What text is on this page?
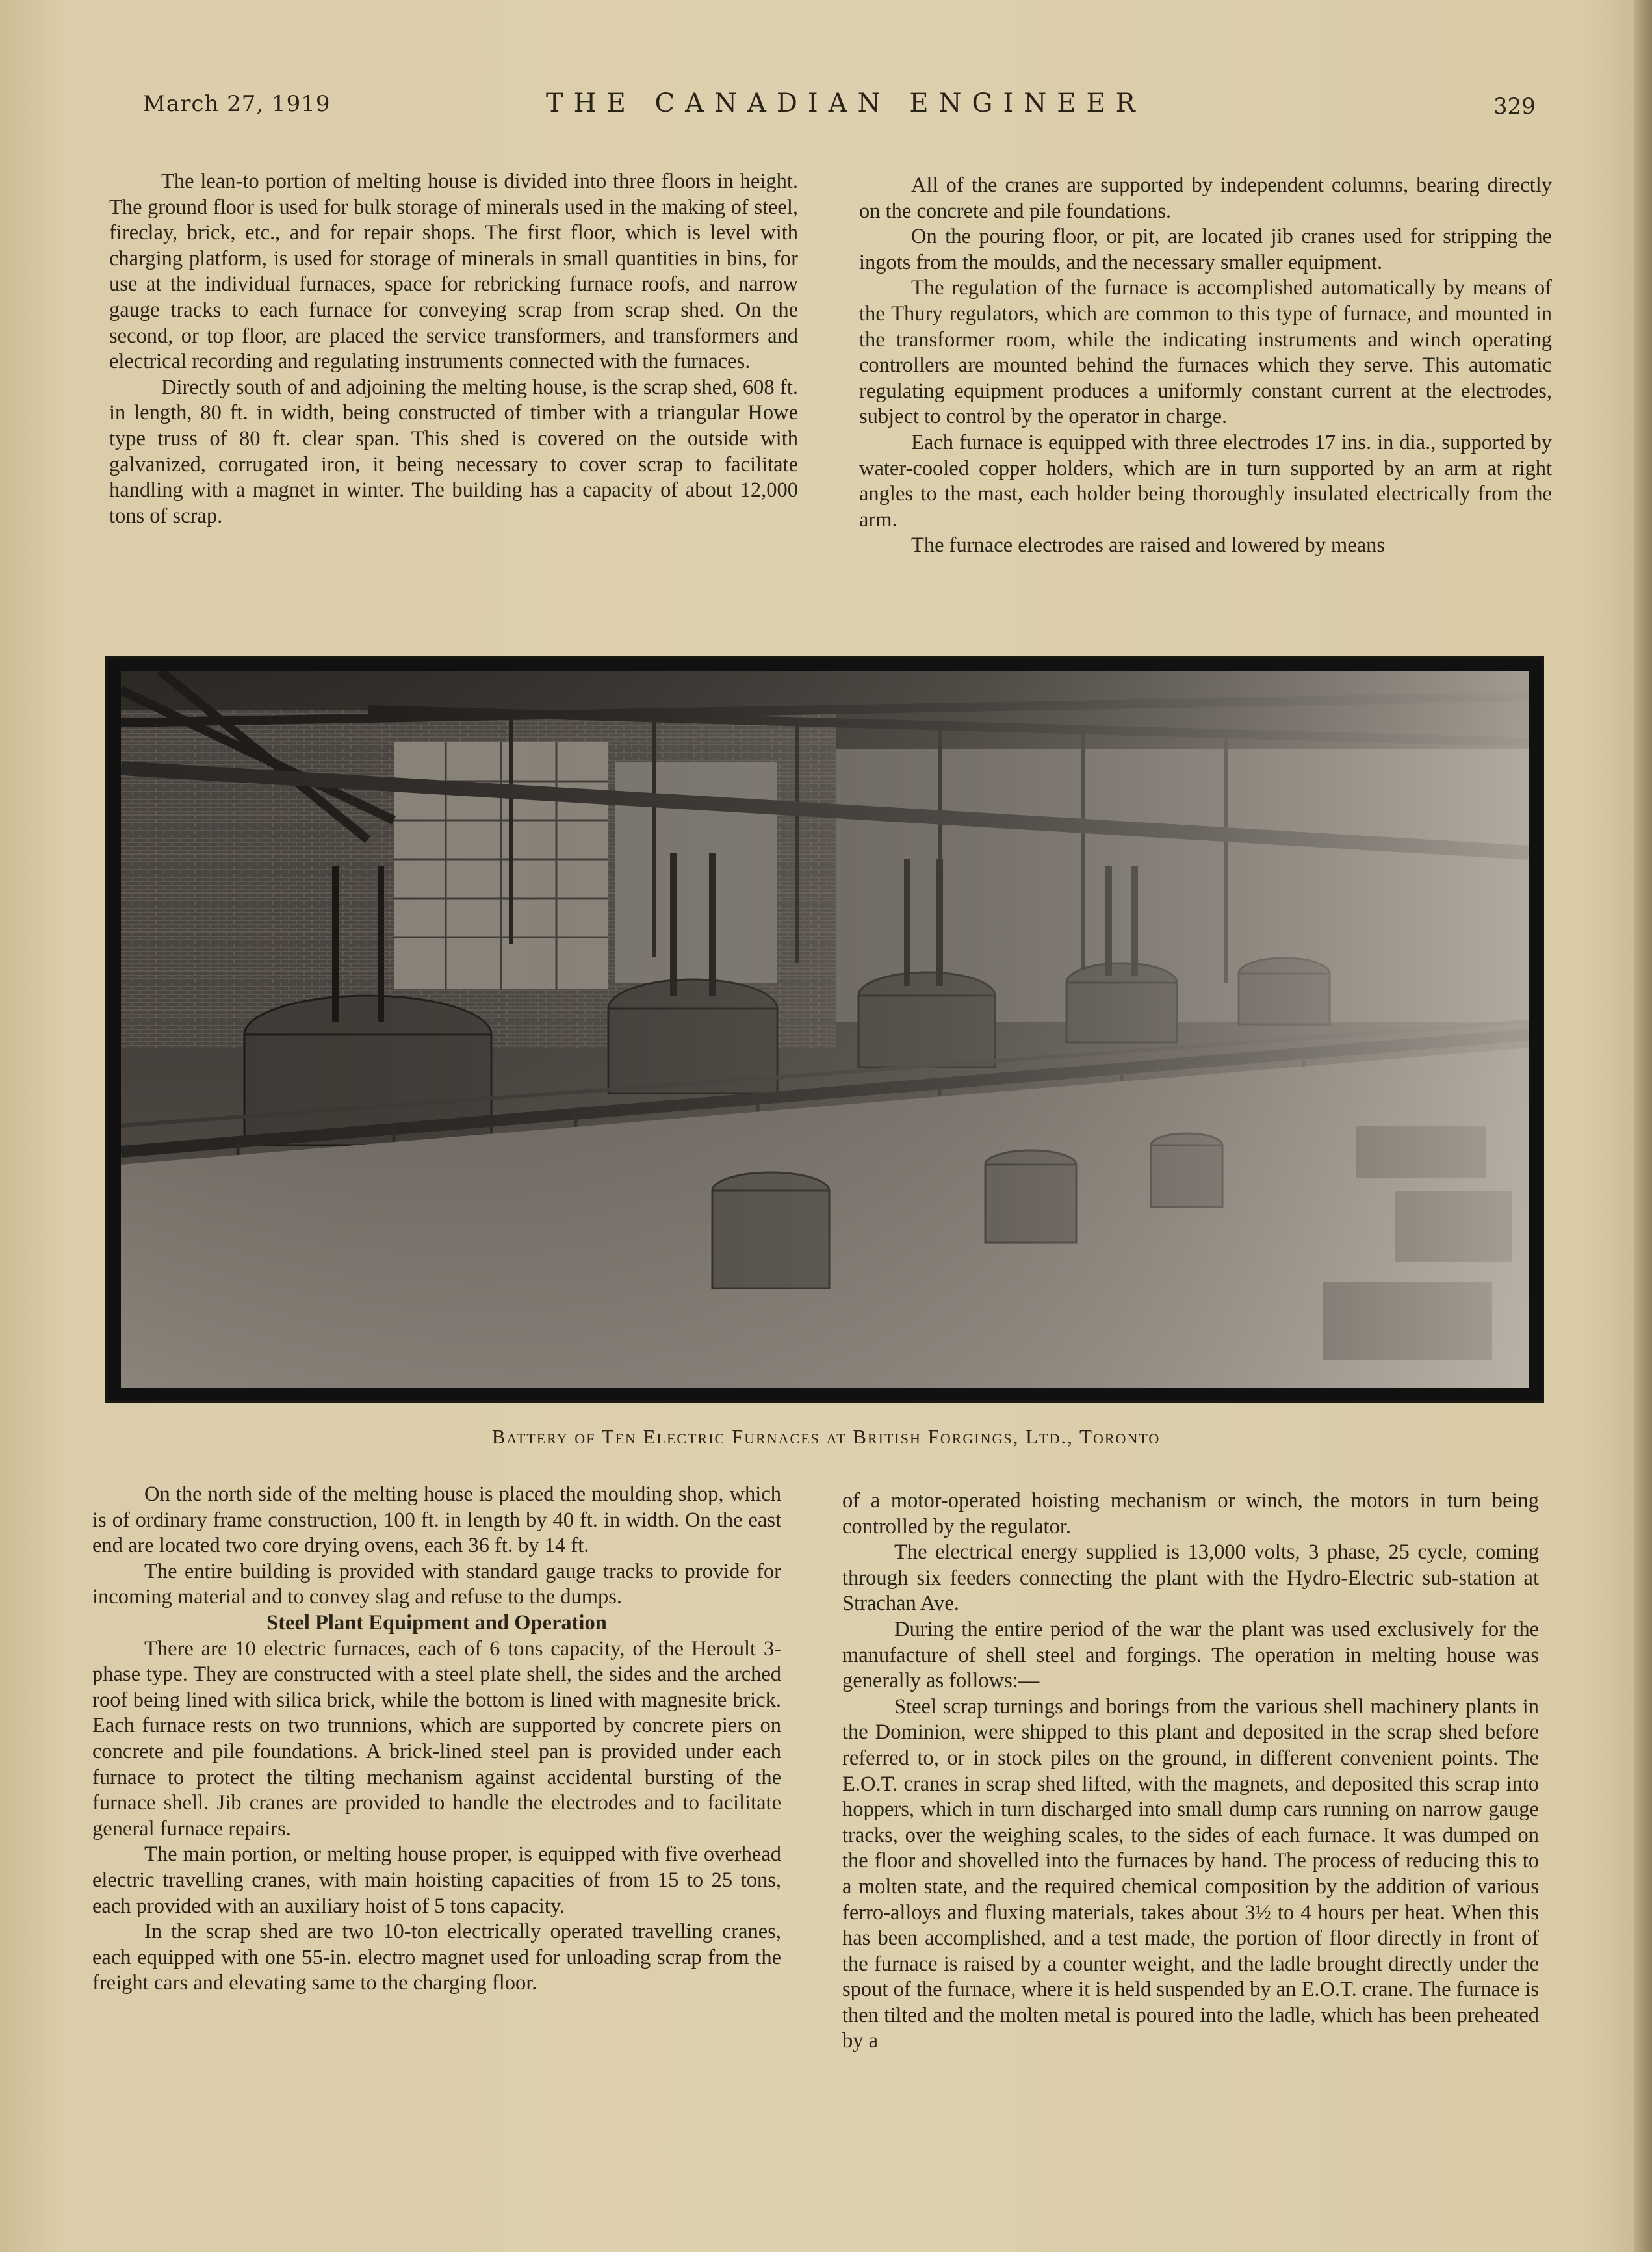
March 27, 1919	THE CANADIAN ENGINEER	329

The lean-to portion of melting house is divided into three floors in height. The ground floor is used for bulk storage of minerals used in the making of steel, fireclay, brick, etc., and for repair shops. The first floor, which is level with charging platform, is used for storage of minerals in small quantities in bins, for use at the individual furnaces, space for rebricking furnace roofs, and narrow gauge tracks to each furnace for conveying scrap from scrap shed. On the second, or top floor, are placed the service transformers, and transformers and electrical recording and regulating instruments connected with the furnaces.

Directly south of and adjoining the melting house, is the scrap shed, 608 ft. in length, 80 ft. in width, being constructed of timber with a triangular Howe type truss of 80 ft. clear span. This shed is covered on the outside with galvanized, corrugated iron, it being necessary to cover scrap to facilitate handling with a magnet in winter. The building has a capacity of about 12,000 tons of scrap.

All of the cranes are supported by independent columns, bearing directly on the concrete and pile foundations.

On the pouring floor, or pit, are located jib cranes used for stripping the ingots from the moulds, and the necessary smaller equipment.

The regulation of the furnace is accomplished automatically by means of the Thury regulators, which are common to this type of furnace, and mounted in the transformer room, while the indicating instruments and winch operating controllers are mounted behind the furnaces which they serve. This automatic regulating equipment produces a uniformly constant current at the electrodes, subject to control by the operator in charge.

Each furnace is equipped with three electrodes 17 ins. in dia., supported by water-cooled copper holders, which are in turn supported by an arm at right angles to the mast, each holder being thoroughly insulated electrically from the arm.

The furnace electrodes are raised and lowered by means

Battery of Ten Electric Furnaces at British Forgings, Ltd., Toronto

On the north side of the melting house is placed the moulding shop, which is of ordinary frame construction, 100 ft. in length by 40 ft. in width. On the east end are located two core drying ovens, each 36 ft. by 14 ft.

The entire building is provided with standard gauge tracks to provide for incoming material and to convey slag and refuse to the dumps.

Steel Plant Equipment and Operation

There are 10 electric furnaces, each of 6 tons capacity, of the Heroult 3-phase type. They are constructed with a steel plate shell, the sides and the arched roof being lined with silica brick, while the bottom is lined with magnesite brick. Each furnace rests on two trunnions, which are supported by concrete piers on concrete and pile foundations. A brick-lined steel pan is provided under each furnace to protect the tilting mechanism against accidental bursting of the furnace shell. Jib cranes are provided to handle the electrodes and to facilitate general furnace repairs.

The main portion, or melting house proper, is equipped with five overhead electric travelling cranes, with main hoisting capacities of from 15 to 25 tons, each provided with an auxiliary hoist of 5 tons capacity.

In the scrap shed are two 10-ton electrically operated travelling cranes, each equipped with one 55-in. electro magnet used for unloading scrap from the freight cars and elevating same to the charging floor.

of a motor-operated hoisting mechanism or winch, the motors in turn being controlled by the regulator.

The electrical energy supplied is 13,000 volts, 3 phase, 25 cycle, coming through six feeders connecting the plant with the Hydro-Electric sub-station at Strachan Ave.

During the entire period of the war the plant was used exclusively for the manufacture of shell steel and forgings. The operation in melting house was generally as follows:—

Steel scrap turnings and borings from the various shell machinery plants in the Dominion, were shipped to this plant and deposited in the scrap shed before referred to, or in stock piles on the ground, in different convenient points. The E.O.T. cranes in scrap shed lifted, with the magnets, and deposited this scrap into hoppers, which in turn discharged into small dump cars running on narrow gauge tracks, over the weighing scales, to the sides of each furnace. It was dumped on the floor and shovelled into the furnaces by hand. The process of reducing this to a molten state, and the required chemical composition by the addition of various ferro-alloys and fluxing materials, takes about 3½ to 4 hours per heat. When this has been accomplished, and a test made, the portion of floor directly in front of the furnace is raised by a counter weight, and the ladle brought directly under the spout of the furnace, where it is held suspended by an E.O.T. crane. The furnace is then tilted and the molten metal is poured into the ladle, which has been preheated by a
